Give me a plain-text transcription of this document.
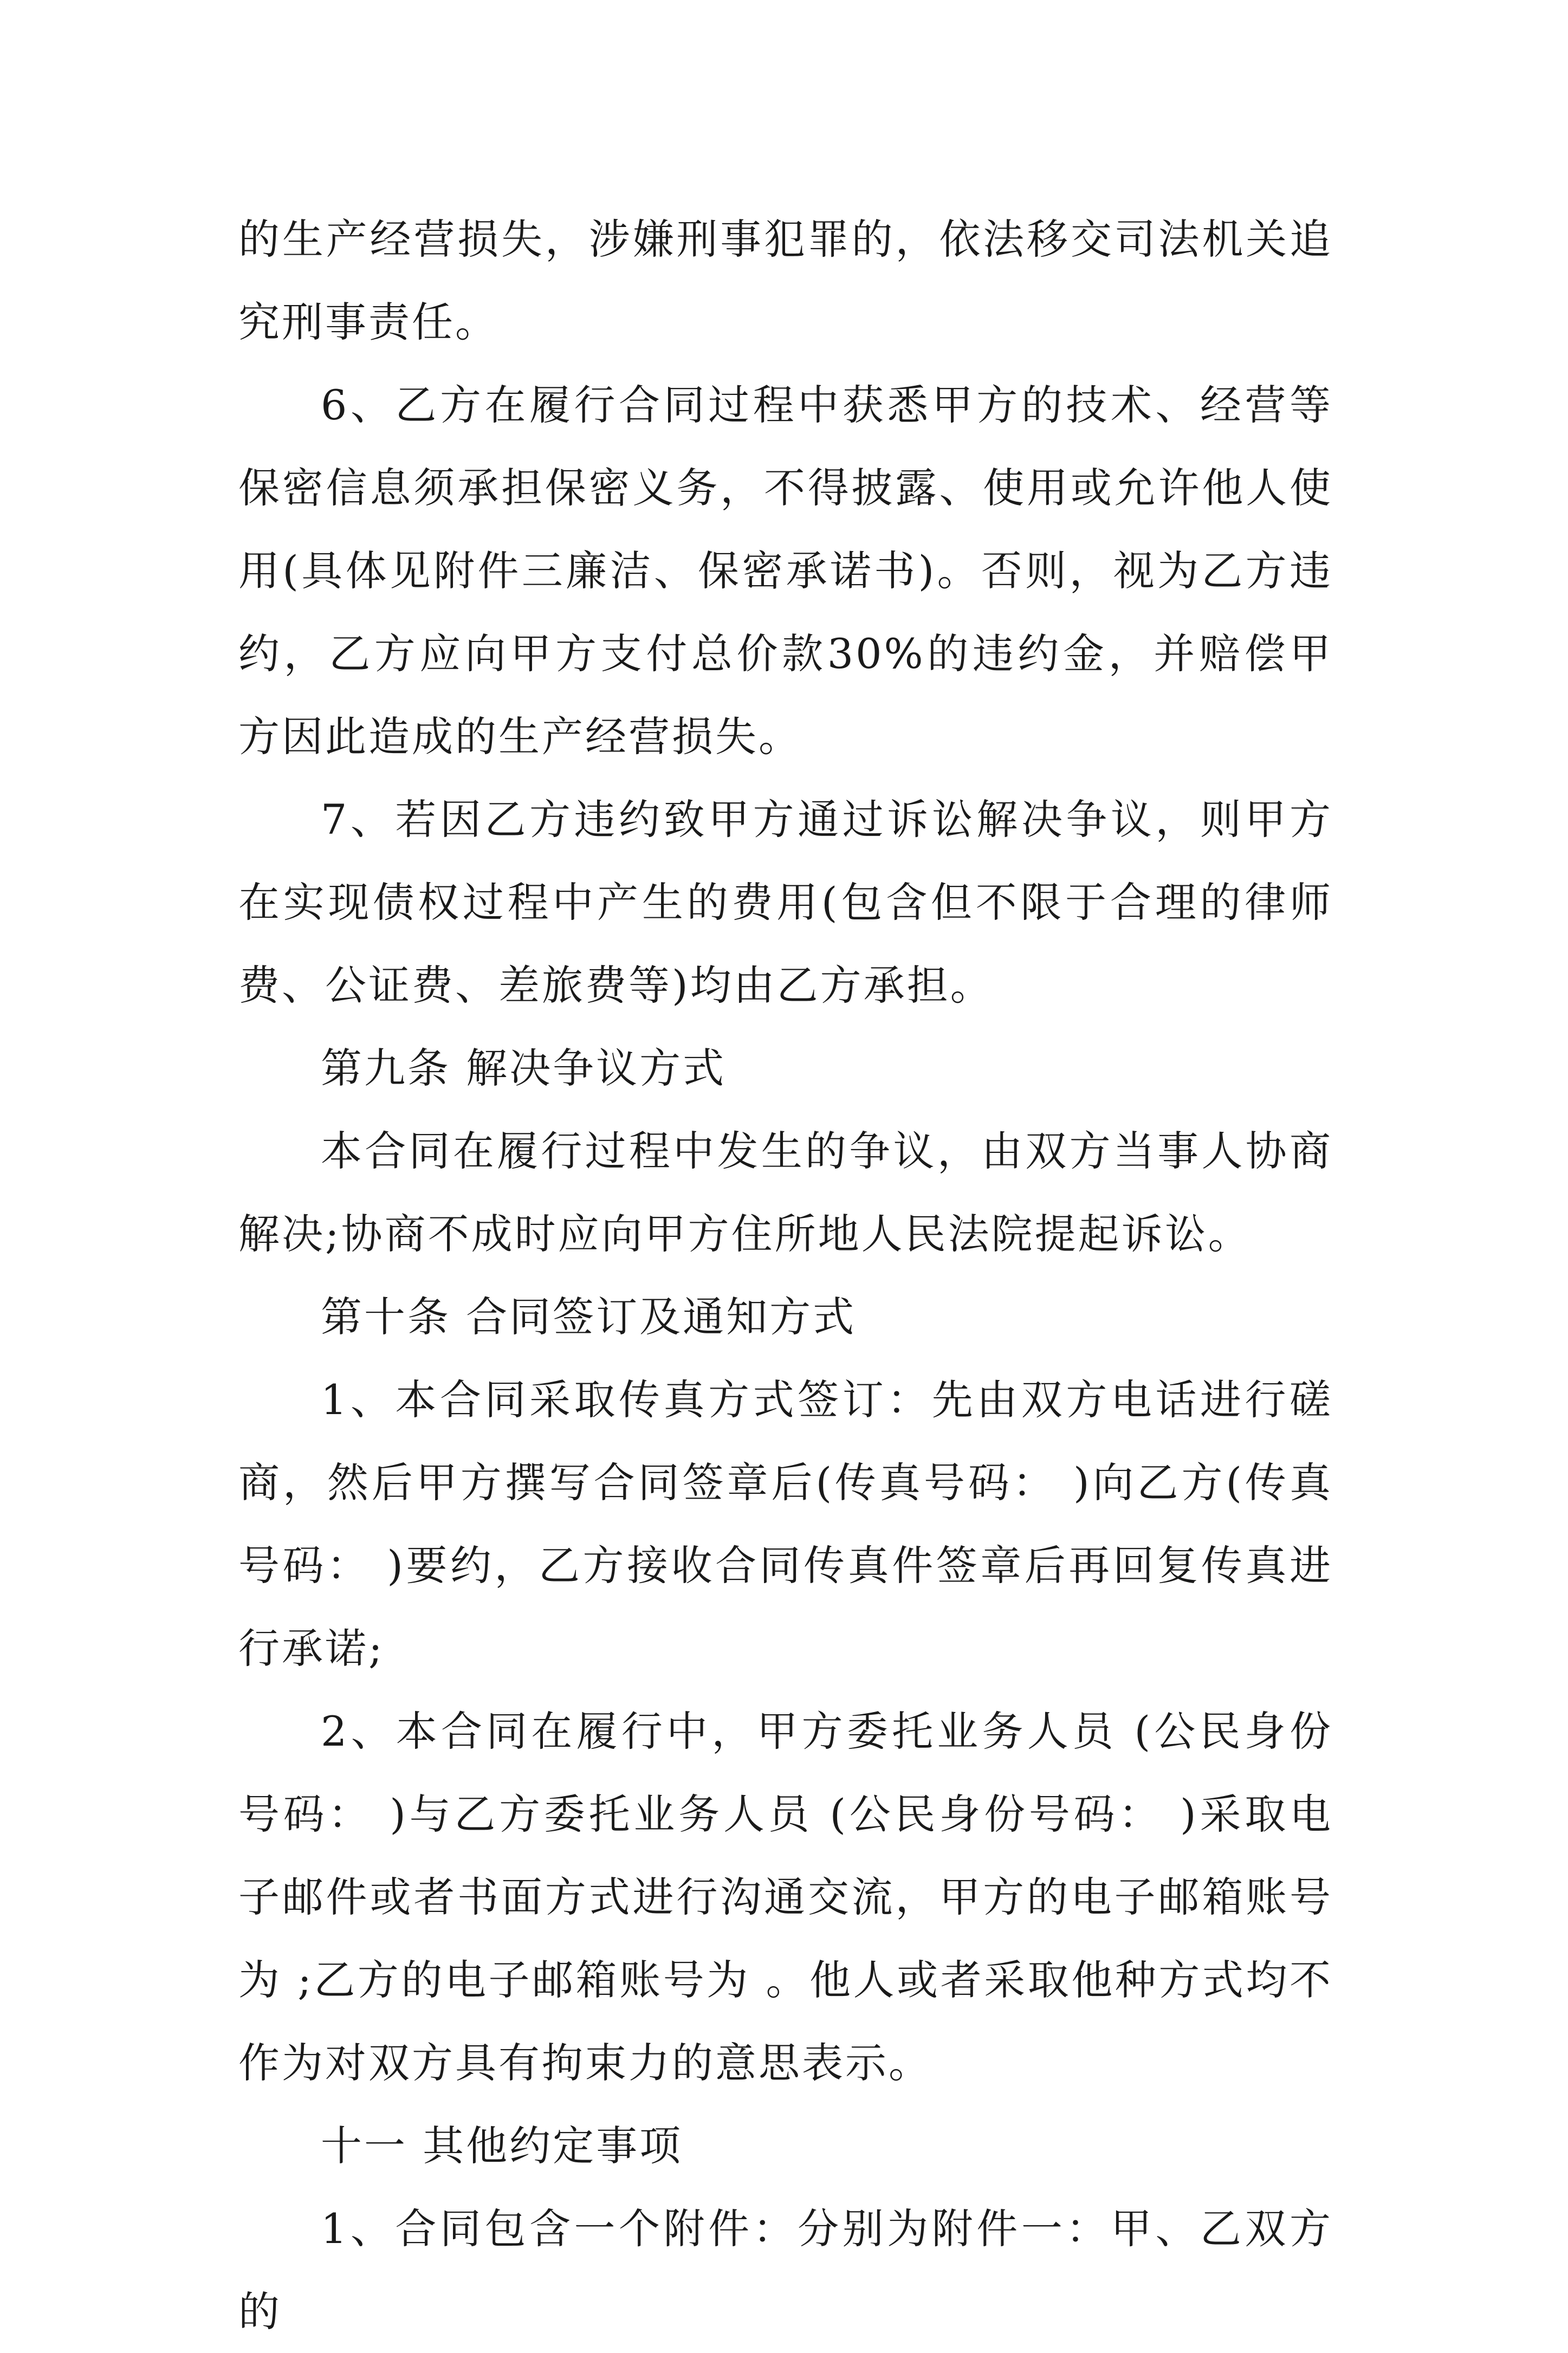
的生产经营损失，涉嫌刑事犯罪的，依法移交司法机关追究刑事责任。

6、乙方在履行合同过程中获悉甲方的技术、经营等保密信息须承担保密义务，不得披露、使用或允许他人使用(具体见附件三廉洁、保密承诺书)。否则，视为乙方违约，乙方应向甲方支付总价款30%的违约金，并赔偿甲方因此造成的生产经营损失。

7、若因乙方违约致甲方通过诉讼解决争议，则甲方在实现债权过程中产生的费用(包含但不限于合理的律师费、公证费、差旅费等)均由乙方承担。

第九条 解决争议方式

本合同在履行过程中发生的争议，由双方当事人协商解决;协商不成时应向甲方住所地人民法院提起诉讼。

第十条 合同签订及通知方式

1、本合同采取传真方式签订：先由双方电话进行磋商，然后甲方撰写合同签章后(传真号码： )向乙方(传真号码： )要约，乙方接收合同传真件签章后再回复传真进行承诺;

2、本合同在履行中，甲方委托业务人员 (公民身份号码： )与乙方委托业务人员 (公民身份号码： )采取电子邮件或者书面方式进行沟通交流，甲方的电子邮箱账号为 ;乙方的电子邮箱账号为 。他人或者采取他种方式均不作为对双方具有拘束力的意思表示。

十一 其他约定事项

1、合同包含一个附件：分别为附件一：甲、乙双方的
